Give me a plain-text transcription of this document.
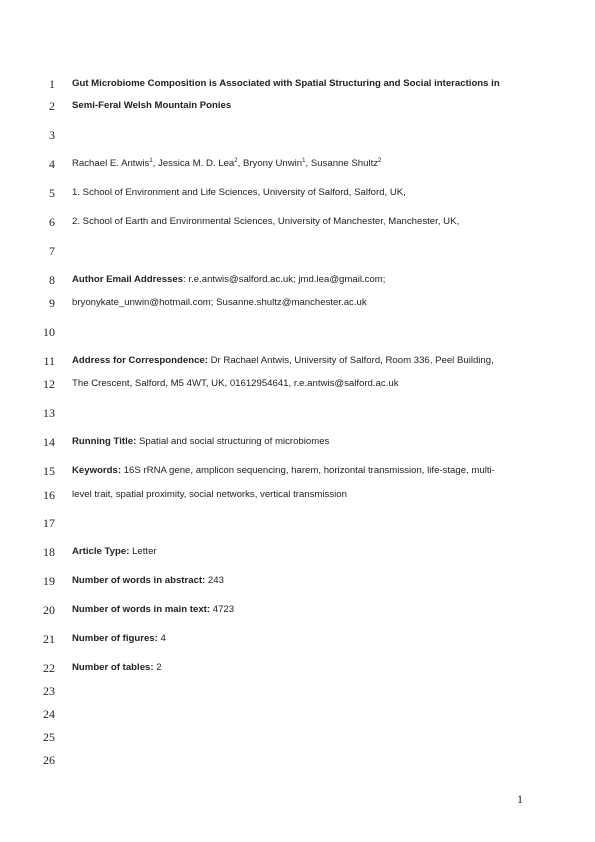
1 Gut Microbiome Composition is Associated with Spatial Structuring and Social interactions in
2 Semi-Feral Welsh Mountain Ponies
3
4 Rachael E. Antwis$^1$, Jessica M. D. Lea$^2$, Bryony Unwin$^1$, Susanne Shultz$^2$
5 1. School of Environment and Life Sciences, University of Salford, Salford, UK,
6 2. School of Earth and Environmental Sciences, University of Manchester, Manchester, UK,
7
8 Author Email Addresses: r.e.antwis@salford.ac.uk; jmd.lea@gmail.com;
9 bryonykate_unwin@hotmail.com; Susanne.shultz@manchester.ac.uk
10
11 Address for Correspondence: Dr Rachael Antwis, University of Salford, Room 336, Peel Building,
12 The Crescent, Salford, M5 4WT, UK, 01612954641, r.e.antwis@salford.ac.uk
13
14 Running Title: Spatial and social structuring of microbiomes
15 Keywords: 16S rRNA gene, amplicon sequencing, harem, horizontal transmission, life-stage, multi-
16 level trait, spatial proximity, social networks, vertical transmission
17
18 Article Type: Letter
19 Number of words in abstract: 243
20 Number of words in main text: 4723
21 Number of figures: 4
22 Number of tables: 2
23
24
25
26
1
